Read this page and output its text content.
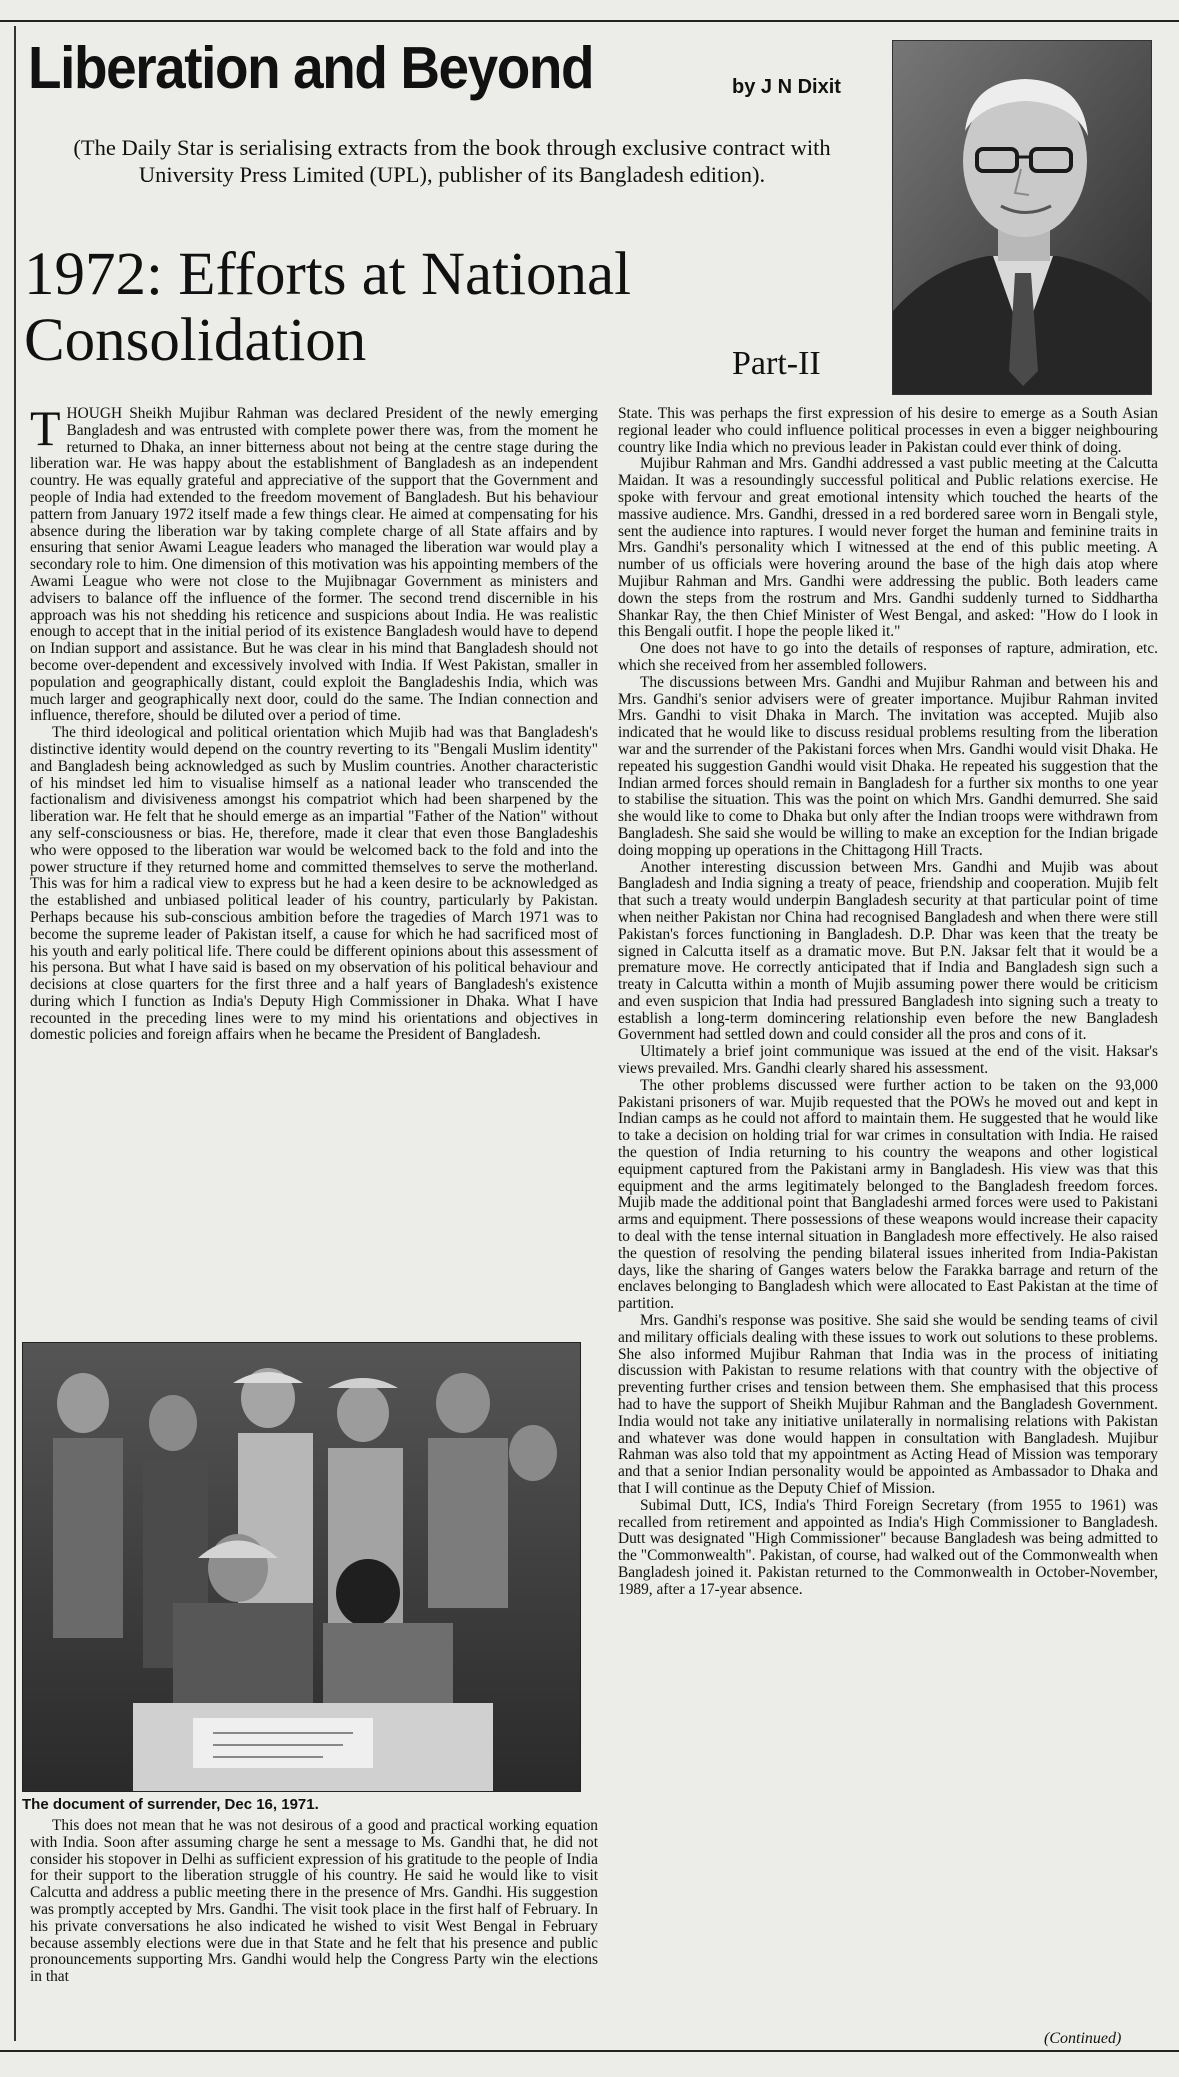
Liberation and Beyond	by J N Dixit

(The Daily Star is serialising extracts from the book through exclusive contract with University Press Limited (UPL), publisher of its Bangladesh edition).

1972: Efforts at National Consolidation	Part-II

THOUGH Sheikh Mujibur Rahman was declared President of the newly emerging Bangladesh and was entrusted with complete power there was, from the moment he returned to Dhaka, an inner bitterness about not being at the centre stage during the liberation war. He was happy about the establishment of Bangladesh as an independent country. He was equally grateful and appreciative of the support that the Government and people of India had extended to the freedom movement of Bangladesh. But his behaviour pattern from January 1972 itself made a few things clear. He aimed at compensating for his absence during the liberation war by taking complete charge of all State affairs and by ensuring that senior Awami League leaders who managed the liberation war would play a secondary role to him. One dimension of this motivation was his appointing members of the Awami League who were not close to the Mujibnagar Government as ministers and advisers to balance off the influence of the former. The second trend discernible in his approach was his not shedding his reticence and suspicions about India. He was realistic enough to accept that in the initial period of its existence Bangladesh would have to depend on Indian support and assistance. But he was clear in his mind that Bangladesh should not become over-dependent and excessively involved with India. If West Pakistan, smaller in population and geographically distant, could exploit the Bangladeshis India, which was much larger and geographically next door, could do the same. The Indian connection and influence, therefore, should be diluted over a period of time.

The third ideological and political orientation which Mujib had was that Bangladesh's distinctive identity would depend on the country reverting to its "Bengali Muslim identity" and Bangladesh being acknowledged as such by Muslim countries. Another characteristic of his mindset led him to visualise himself as a national leader who transcended the factionalism and divisiveness amongst his compatriot which had been sharpened by the liberation war. He felt that he should emerge as an impartial "Father of the Nation" without any self-consciousness or bias. He, therefore, made it clear that even those Bangladeshis who were opposed to the liberation war would be welcomed back to the fold and into the power structure if they returned home and committed themselves to serve the motherland. This was for him a radical view to express but he had a keen desire to be acknowledged as the established and unbiased political leader of his country, particularly by Pakistan. Perhaps because his sub-conscious ambition before the tragedies of March 1971 was to become the supreme leader of Pakistan itself, a cause for which he had sacrificed most of his youth and early political life. There could be different opinions about this assessment of his persona. But what I have said is based on my observation of his political behaviour and decisions at close quarters for the first three and a half years of Bangladesh's existence during which I function as India's Deputy High Commissioner in Dhaka. What I have recounted in the preceding lines were to my mind his orientations and objectives in domestic policies and foreign affairs when he became the President of Bangladesh.

The document of surrender, Dec 16, 1971.

This does not mean that he was not desirous of a good and practical working equation with India. Soon after assuming charge he sent a message to Ms. Gandhi that, he did not consider his stopover in Delhi as sufficient expression of his gratitude to the people of India for their support to the liberation struggle of his country. He said he would like to visit Calcutta and address a public meeting there in the presence of Mrs. Gandhi. His suggestion was promptly accepted by Mrs. Gandhi. The visit took place in the first half of February. In his private conversations he also indicated he wished to visit West Bengal in February because assembly elections were due in that State and he felt that his presence and public pronouncements supporting Mrs. Gandhi would help the Congress Party win the elections in that

State. This was perhaps the first expression of his desire to emerge as a South Asian regional leader who could influence political processes in even a bigger neighbouring country like India which no previous leader in Pakistan could ever think of doing.

Mujibur Rahman and Mrs. Gandhi addressed a vast public meeting at the Calcutta Maidan. It was a resoundingly successful political and Public relations exercise. He spoke with fervour and great emotional intensity which touched the hearts of the massive audience. Mrs. Gandhi, dressed in a red bordered saree worn in Bengali style, sent the audience into raptures. I would never forget the human and feminine traits in Mrs. Gandhi's personality which I witnessed at the end of this public meeting. A number of us officials were hovering around the base of the high dais atop where Mujibur Rahman and Mrs. Gandhi were addressing the public. Both leaders came down the steps from the rostrum and Mrs. Gandhi suddenly turned to Siddhartha Shankar Ray, the then Chief Minister of West Bengal, and asked: "How do I look in this Bengali outfit. I hope the people liked it."

One does not have to go into the details of responses of rapture, admiration, etc. which she received from her assembled followers.

The discussions between Mrs. Gandhi and Mujibur Rahman and between his and Mrs. Gandhi's senior advisers were of greater importance. Mujibur Rahman invited Mrs. Gandhi to visit Dhaka in March. The invitation was accepted. Mujib also indicated that he would like to discuss residual problems resulting from the liberation war and the surrender of the Pakistani forces when Mrs. Gandhi would visit Dhaka. He repeated his suggestion Gandhi would visit Dhaka. He repeated his suggestion that the Indian armed forces should remain in Bangladesh for a further six months to one year to stabilise the situation. This was the point on which Mrs. Gandhi demurred. She said she would like to come to Dhaka but only after the Indian troops were withdrawn from Bangladesh. She said she would be willing to make an exception for the Indian brigade doing mopping up operations in the Chittagong Hill Tracts.

Another interesting discussion between Mrs. Gandhi and Mujib was about Bangladesh and India signing a treaty of peace, friendship and cooperation. Mujib felt that such a treaty would underpin Bangladesh security at that particular point of time when neither Pakistan nor China had recognised Bangladesh and when there were still Pakistan's forces functioning in Bangladesh. D.P. Dhar was keen that the treaty be signed in Calcutta itself as a dramatic move. But P.N. Jaksar felt that it would be a premature move. He correctly anticipated that if India and Bangladesh sign such a treaty in Calcutta within a month of Mujib assuming power there would be criticism and even suspicion that India had pressured Bangladesh into signing such a treaty to establish a long-term domincering relationship even before the new Bangladesh Government had settled down and could consider all the pros and cons of it.

Ultimately a brief joint communique was issued at the end of the visit. Haksar's views prevailed. Mrs. Gandhi clearly shared his assessment.

The other problems discussed were further action to be taken on the 93,000 Pakistani prisoners of war. Mujib requested that the POWs he moved out and kept in Indian camps as he could not afford to maintain them. He suggested that he would like to take a decision on holding trial for war crimes in consultation with India. He raised the question of India returning to his country the weapons and other logistical equipment captured from the Pakistani army in Bangladesh. His view was that this equipment and the arms legitimately belonged to the Bangladesh freedom forces. Mujib made the additional point that Bangladeshi armed forces were used to Pakistani arms and equipment. There possessions of these weapons would increase their capacity to deal with the tense internal situation in Bangladesh more effectively. He also raised the question of resolving the pending bilateral issues inherited from India-Pakistan days, like the sharing of Ganges waters below the Farakka barrage and return of the enclaves belonging to Bangladesh which were allocated to East Pakistan at the time of partition.

Mrs. Gandhi's response was positive. She said she would be sending teams of civil and military officials dealing with these issues to work out solutions to these problems. She also informed Mujibur Rahman that India was in the process of initiating discussion with Pakistan to resume relations with that country with the objective of preventing further crises and tension between them. She emphasised that this process had to have the support of Sheikh Mujibur Rahman and the Bangladesh Government. India would not take any initiative unilaterally in normalising relations with Pakistan and whatever was done would happen in consultation with Bangladesh. Mujibur Rahman was also told that my appointment as Acting Head of Mission was temporary and that a senior Indian personality would be appointed as Ambassador to Dhaka and that I will continue as the Deputy Chief of Mission.

Subimal Dutt, ICS, India's Third Foreign Secretary (from 1955 to 1961) was recalled from retirement and appointed as India's High Commissioner to Bangladesh. Dutt was designated "High Commissioner" because Bangladesh was being admitted to the "Commonwealth". Pakistan, of course, had walked out of the Commonwealth when Bangladesh joined it. Pakistan returned to the Commonwealth in October-November, 1989, after a 17-year absence.

(Continued)
